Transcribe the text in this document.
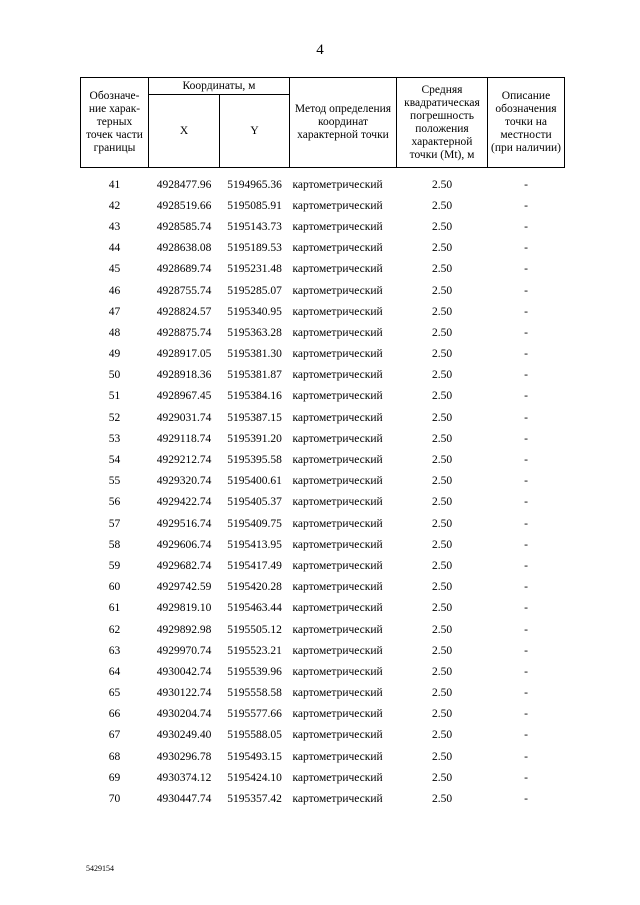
4
Обозначе-ние харак-терных точек части границы	Координаты, м		Метод определения координат характерной точки	Средняя квадратическая погрешность положения характерной точки (Mt), м	Описание обозначения точки на местности (при наличии)
	X	Y			
41	4928477.96	5194965.36	картометрический	2.50	-
42	4928519.66	5195085.91	картометрический	2.50	-
43	4928585.74	5195143.73	картометрический	2.50	-
44	4928638.08	5195189.53	картометрический	2.50	-
45	4928689.74	5195231.48	картометрический	2.50	-
46	4928755.74	5195285.07	картометрический	2.50	-
47	4928824.57	5195340.95	картометрический	2.50	-
48	4928875.74	5195363.28	картометрический	2.50	-
49	4928917.05	5195381.30	картометрический	2.50	-
50	4928918.36	5195381.87	картометрический	2.50	-
51	4928967.45	5195384.16	картометрический	2.50	-
52	4929031.74	5195387.15	картометрический	2.50	-
53	4929118.74	5195391.20	картометрический	2.50	-
54	4929212.74	5195395.58	картометрический	2.50	-
55	4929320.74	5195400.61	картометрический	2.50	-
56	4929422.74	5195405.37	картометрический	2.50	-
57	4929516.74	5195409.75	картометрический	2.50	-
58	4929606.74	5195413.95	картометрический	2.50	-
59	4929682.74	5195417.49	картометрический	2.50	-
60	4929742.59	5195420.28	картометрический	2.50	-
61	4929819.10	5195463.44	картометрический	2.50	-
62	4929892.98	5195505.12	картометрический	2.50	-
63	4929970.74	5195523.21	картометрический	2.50	-
64	4930042.74	5195539.96	картометрический	2.50	-
65	4930122.74	5195558.58	картометрический	2.50	-
66	4930204.74	5195577.66	картометрический	2.50	-
67	4930249.40	5195588.05	картометрический	2.50	-
68	4930296.78	5195493.15	картометрический	2.50	-
69	4930374.12	5195424.10	картометрический	2.50	-
70	4930447.74	5195357.42	картометрический	2.50	-
5429154
